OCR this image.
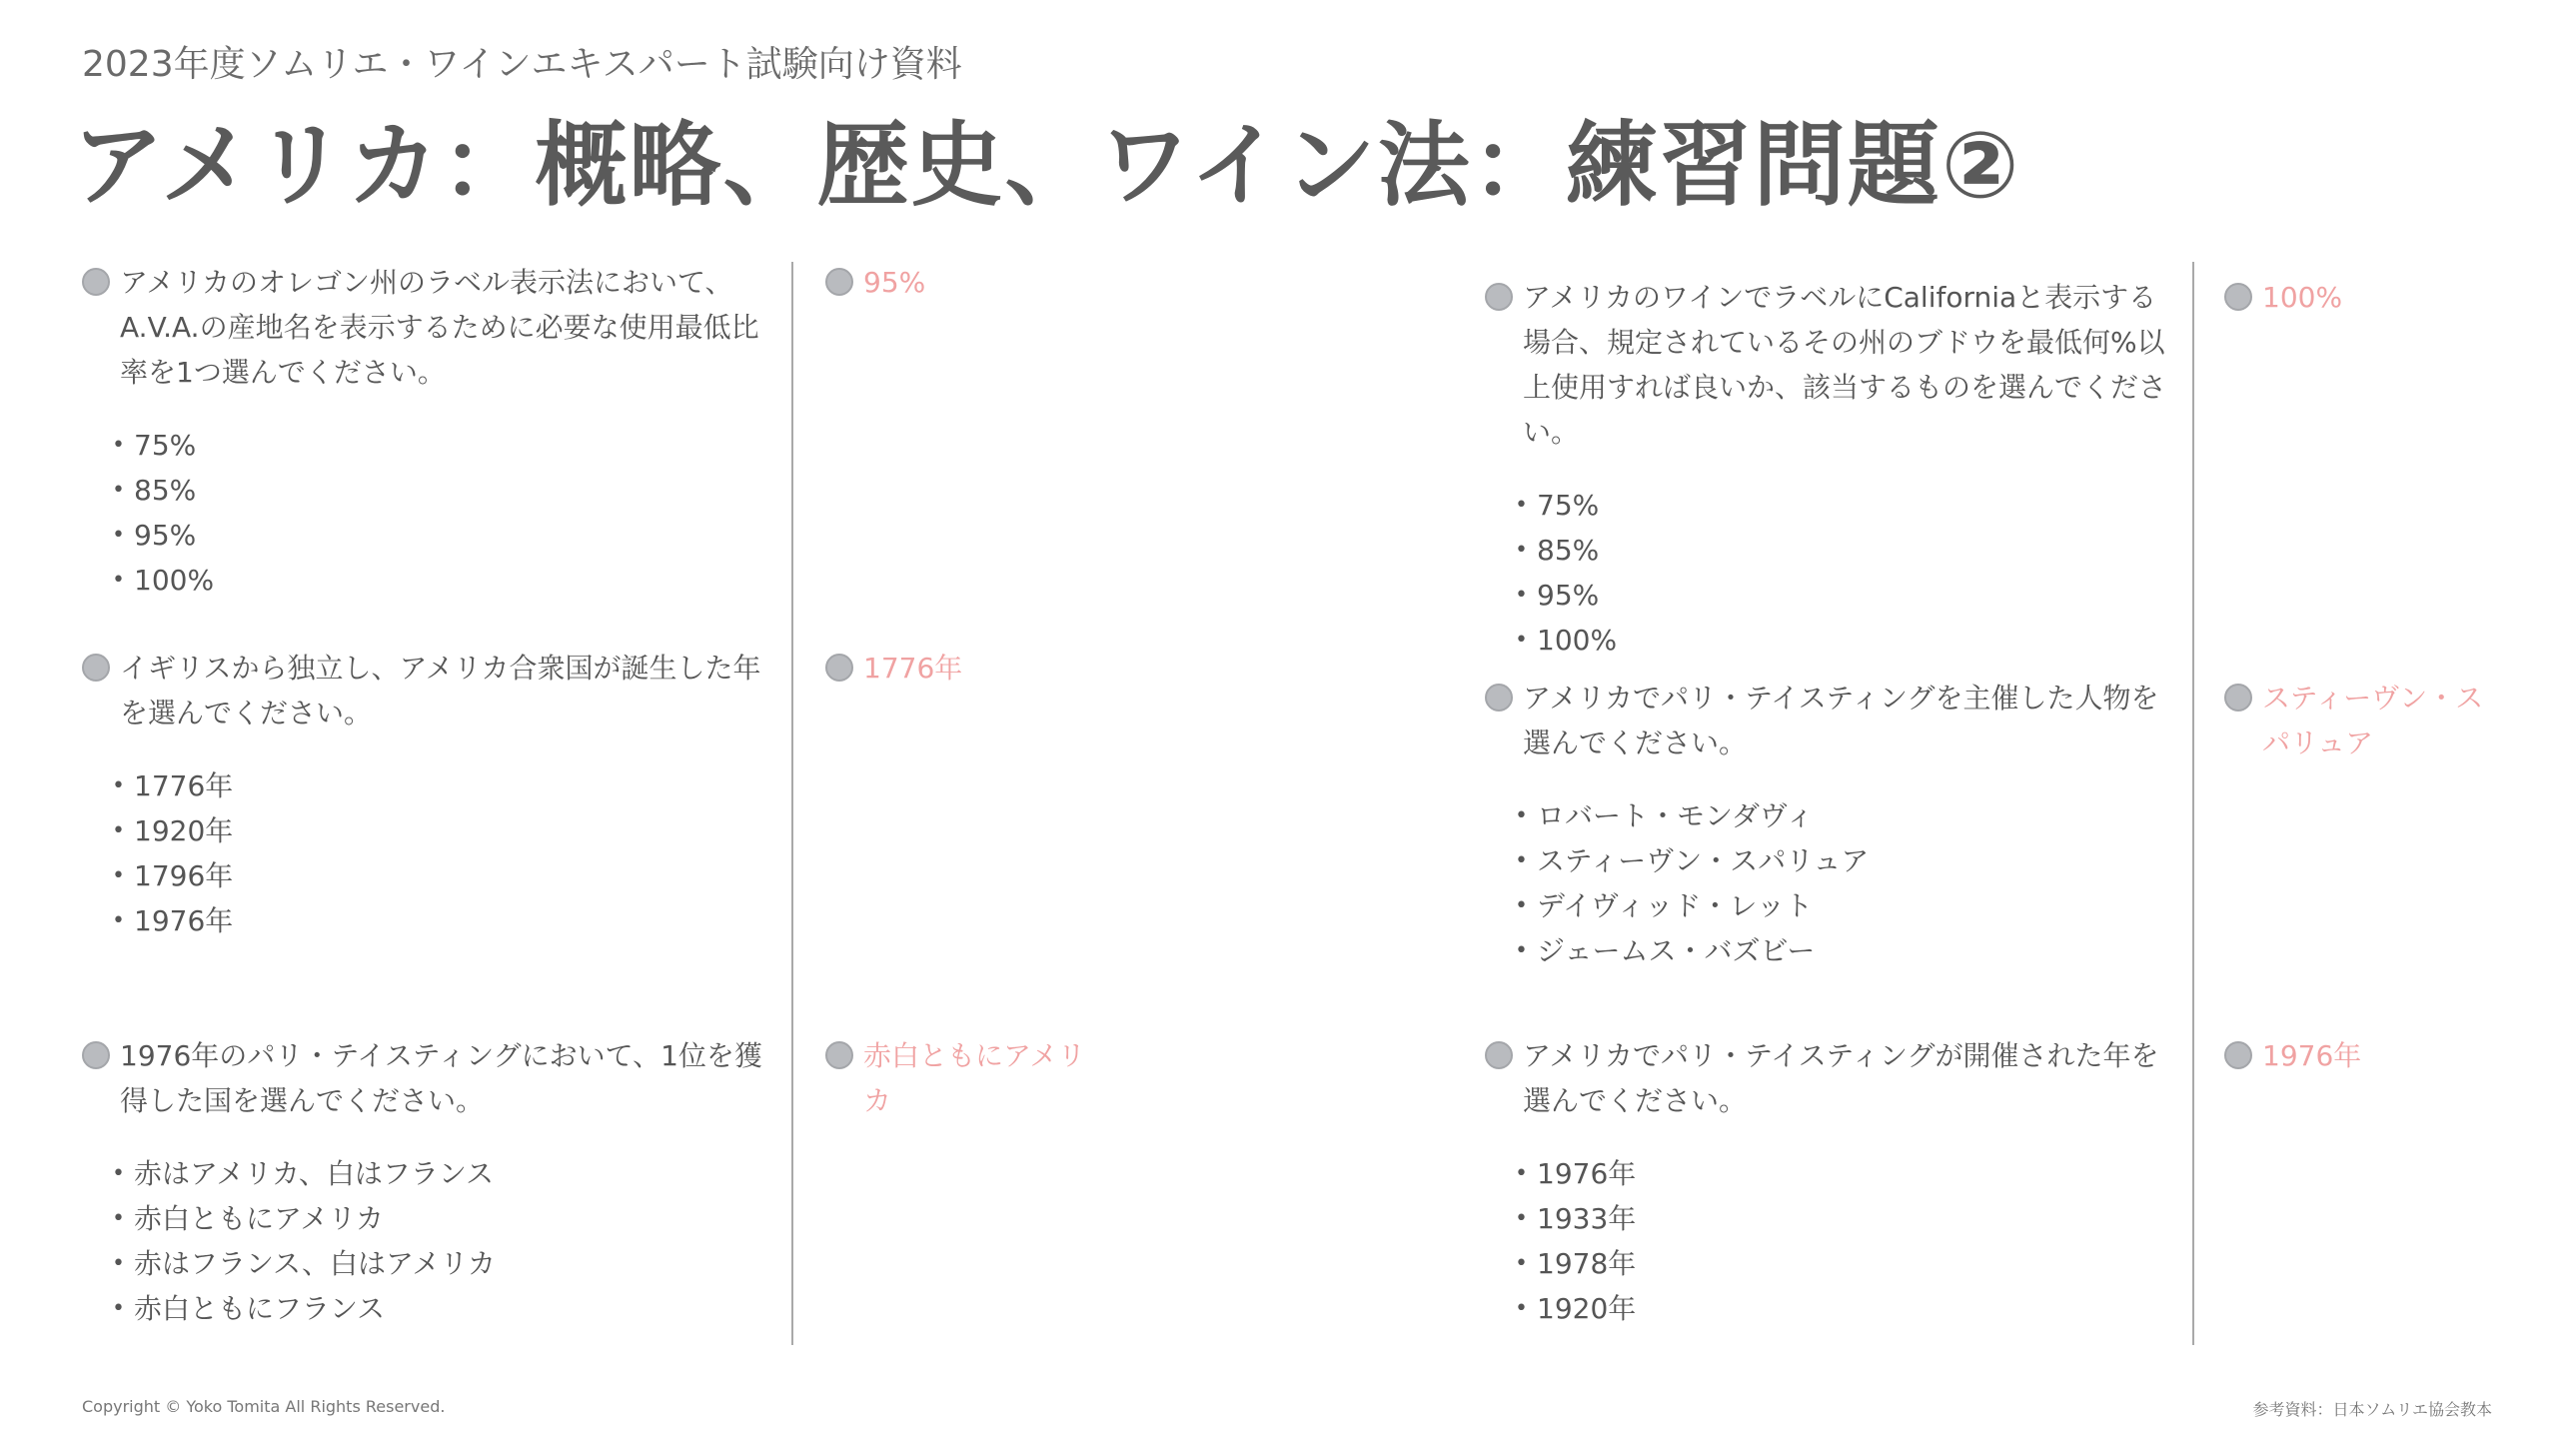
2023年度ソムリエ・ワインエキスパート試験向け資料
アメリカ：概略、歴史、ワイン法：練習問題②
アメリカのオレゴン州のラベル表示法において、A.V.A.の産地名を表示するために必要な使用最低比率を1つ選んでください。
• 75%
• 85%
• 95%
• 100%
95%
イギリスから独立し、アメリカ合衆国が誕生した年を選んでください。
• 1776年
• 1920年
• 1796年
• 1976年
1776年
1976年のパリ・テイスティングにおいて、1位を獲得した国を選んでください。
• 赤はアメリカ、白はフランス
• 赤白ともにアメリカ
• 赤はフランス、白はアメリカ
• 赤白ともにフランス
赤白ともにアメリカ
アメリカのワインでラベルにCaliforniaと表示する場合、規定されているその州のブドウを最低何%以上使用すれば良いか、該当するものを選んでください。
• 75%
• 85%
• 95%
• 100%
100%
アメリカでパリ・テイスティングを主催した人物を選んでください。
• ロバート・モンダヴィ
• スティーヴン・スパリュア
• デイヴィッド・レット
• ジェームス・バズビー
スティーヴン・スパリュア
アメリカでパリ・テイスティングが開催された年を選んでください。
• 1976年
• 1933年
• 1978年
• 1920年
1976年
Copyright © Yoko Tomita All Rights Reserved.	参考資料：日本ソムリエ協会教本
